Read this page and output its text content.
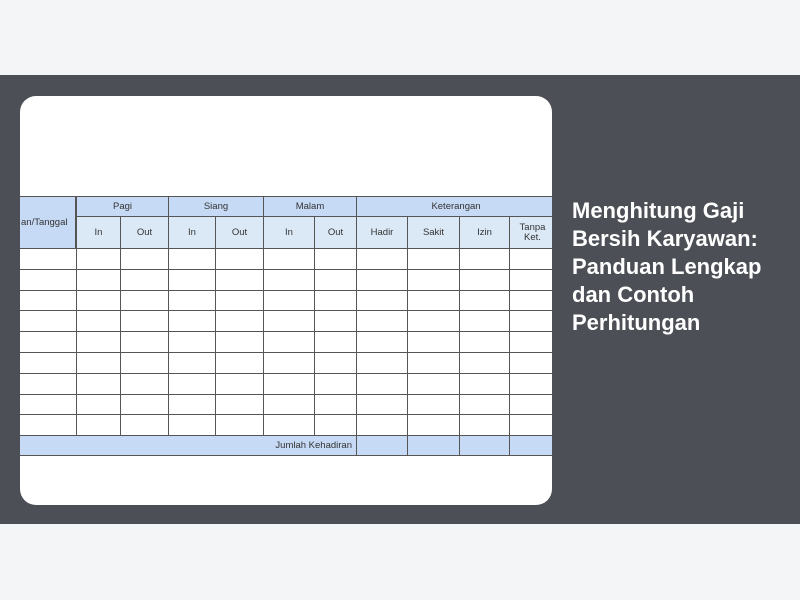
an/Tanggal
Pagi	Siang	Malam	Keterangan
In	Out	In	Out	In	Out	Hadir	Sakit	Izin	Tanpa Ket.
Jumlah Kehadiran
Menghitung Gaji Bersih Karyawan: Panduan Lengkap dan Contoh Perhitungan
